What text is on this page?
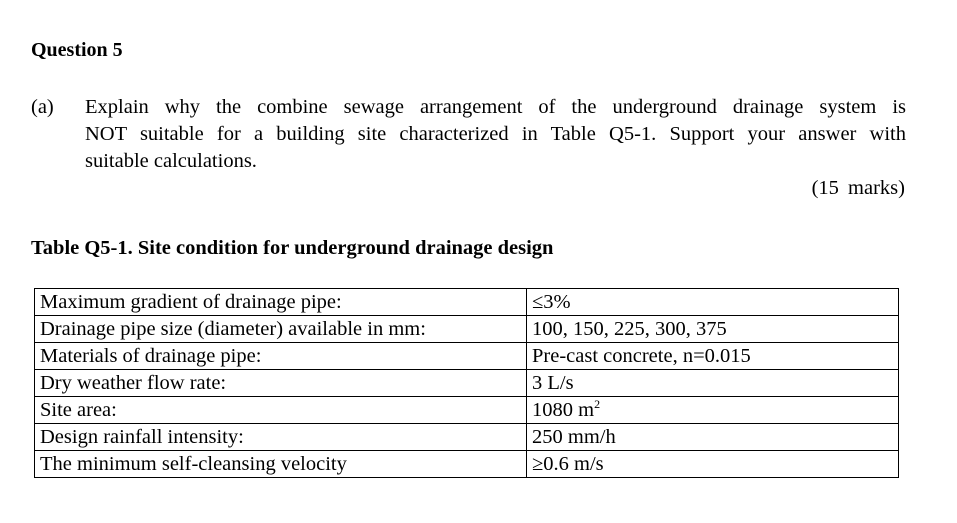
Question 5
(a) Explain why the combine sewage arrangement of the underground drainage system is
NOT suitable for a building site characterized in Table Q5-1. Support your answer with
suitable calculations.
(15 marks)
Table Q5-1. Site condition for underground drainage design
Maximum gradient of drainage pipe:	≤3%
Drainage pipe size (diameter) available in mm:	100, 150, 225, 300, 375
Materials of drainage pipe:	Pre-cast concrete, n=0.015
Dry weather flow rate:	3 L/s
Site area:	1080 $m^2$
Design rainfall intensity:	250 mm/h
The minimum self-cleansing velocity	≥0.6 m/s
